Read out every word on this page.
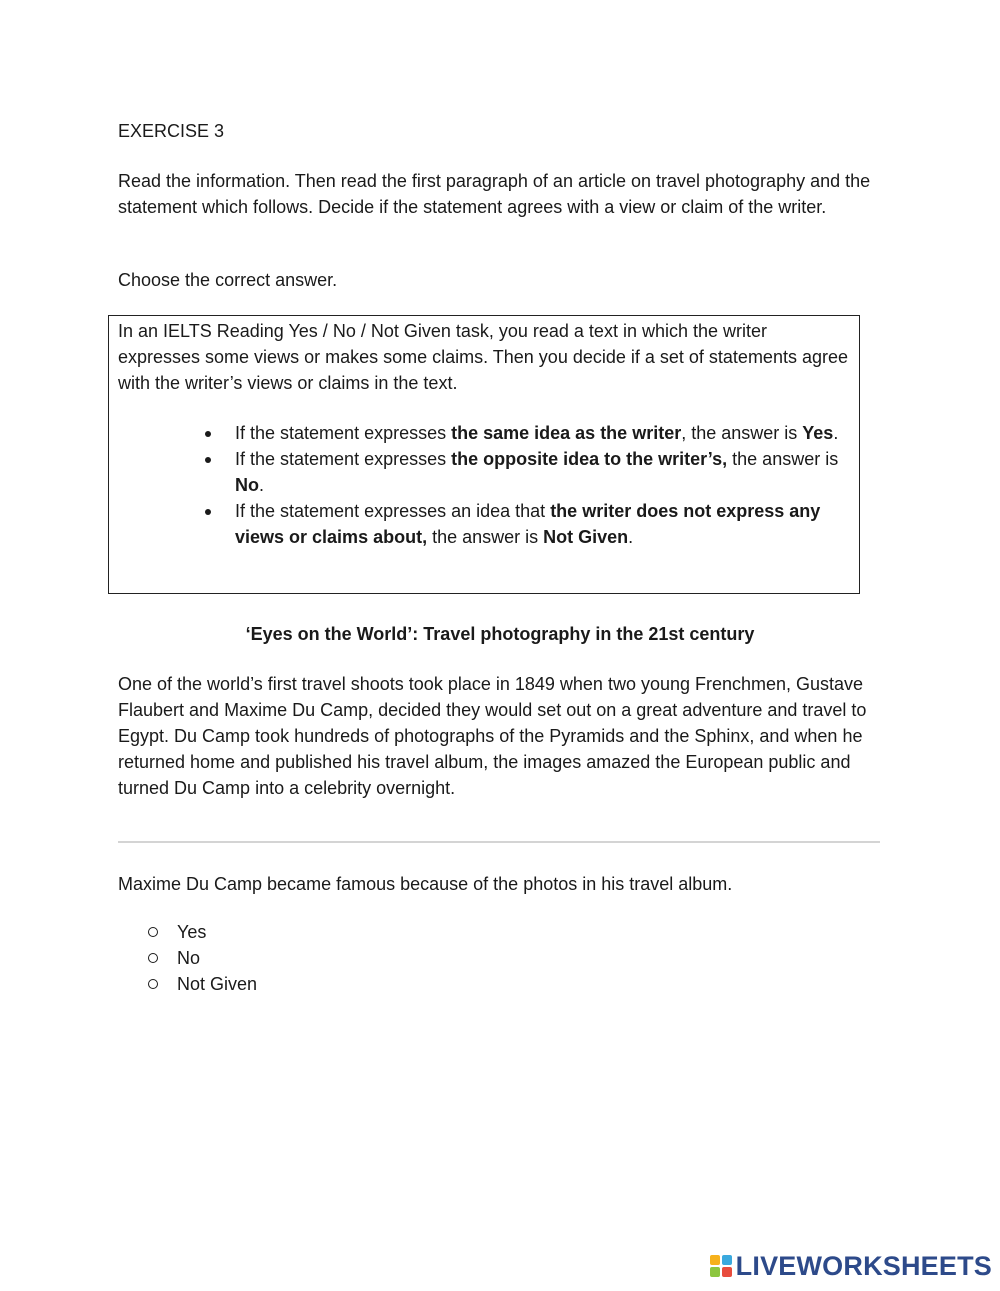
EXERCISE 3

Read the information. Then read the first paragraph of an article on travel photography and the statement which follows. Decide if the statement agrees with a view or claim of the writer.

Choose the correct answer.

In an IELTS Reading Yes / No / Not Given task, you read a text in which the writer expresses some views or makes some claims. Then you decide if a set of statements agree with the writer’s views or claims in the text.

If the statement expresses the same idea as the writer, the answer is Yes.
If the statement expresses the opposite idea to the writer’s, the answer is No.
If the statement expresses an idea that the writer does not express any views or claims about, the answer is Not Given.
‘Eyes on the World’: Travel photography in the 21st century

One of the world’s first travel shoots took place in 1849 when two young Frenchmen, Gustave Flaubert and Maxime Du Camp, decided they would set out on a great adventure and travel to Egypt. Du Camp took hundreds of photographs of the Pyramids and the Sphinx, and when he returned home and published his travel album, the images amazed the European public and turned Du Camp into a celebrity overnight.

Maxime Du Camp became famous because of the photos in his travel album.

Yes
No
Not Given
LIVEWORKSHEETS
